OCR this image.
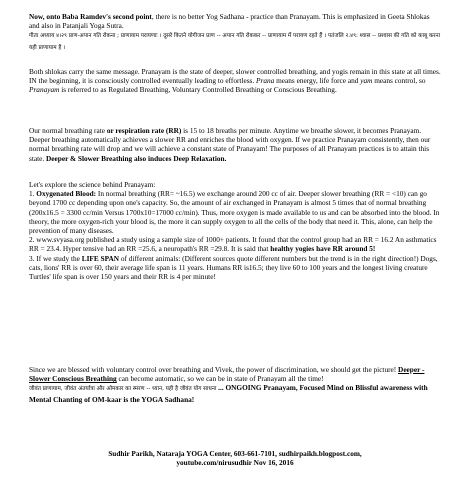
Now, onto Baba Ramdev's second point, there is no better Yog Sadhana - practice than Pranayam. This is emphasized in Geeta Shlokas and also in Patanjali Yoga Sutra.
गीता अध्याय ४।२९ प्राण-अपान गति रोकना ; प्राणायाम परायणाः । दूसरे कितने योगीजन प्राण -- अपान गति रोककर -- प्राणायाम में परायण रहते हैं । पतंजलि २.४९: श्वास -- प्रश्वास की गति को काबू करना यही प्राणायाम है ।

Both shlokas carry the same message. Pranayam is the state of deeper, slower controlled breathing, and yogis remain in this state at all times. IN the beginning, it is consciously controlled eventually leading to effortless. Prana means energy, life force and yam means control, so Pranayam is referred to as Regulated Breathing, Voluntary Controlled Breathing or Conscious Breathing.

Our normal breathing rate or respiration rate (RR) is 15 to 18 breaths per minute. Anytime we breathe slower, it becomes Pranayam. Deeper breathing automatically achieves a slower RR and enriches the blood with oxygen. If we practice Pranayam consistently, then our normal breathing rate will drop and we will achieve a constant state of Pranayam! The purposes of all Pranayam practices is to attain this state. Deeper & Slower Breathing also induces Deep Relaxation.

Let's explore the science behind Pranayam:
1. Oxygenated Blood: In normal breathing (RR= ~16.5) we exchange around 200 cc of air. Deeper slower breathing (RR = <10) can go beyond 1700 cc depending upon one's capacity. So, the amount of air exchanged in Pranayam is almost 5 times that of normal breathing (200x16.5 = 3300 cc/min Versus 1700x10=17000 cc/min). Thus, more oxygen is made available to us and can be absorbed into the blood. In theory, the more oxygen-rich your blood is, the more it can supply oxygen to all the cells of the body that need it. This, alone, can help the prevention of many diseases.
2. www.svyasa.org published a study using a sample size of 1000+ patients. It found that the control group had an RR = 16.2 An asthmatics RR = 23.4. Hyper tensive had an RR =25.6, a neuropath's RR =29.8. It is said that healthy yogies have RR around 5!
3. If we study the LIFE SPAN of different animals: (Different sources quote different numbers but the trend is in the right direction!) Dogs, cats, lions' RR is over 60, their average life span is 11 years. Humans RR is16.5; they live 60 to 100 years and the longest living creature Turtles' life span is over 150 years and their RR is 4 per minute!

Since we are blessed with voluntary control over breathing and Vivek, the power of discrimination, we should get the picture! Deeper - Slower Conscious Breathing can become automatic, so we can be in state of Pranayam all the time!
जीवंत प्राणायाम, जीवंत अंतर्यात्रा और ओमकार का स्मरण -- ध्यान, यही है जीवंत योग साधना ... ONGOING Pranayam, Focused Mind on Blissful awareness with Mental Chanting of OM-kaar is the YOGA Sadhana!

Sudhir Parikh, Nataraja YOGA Center, 603-661-7101, sudhirpaikh.blogpost.com,
youtube.com/nirusudhir Nov 16, 2016
